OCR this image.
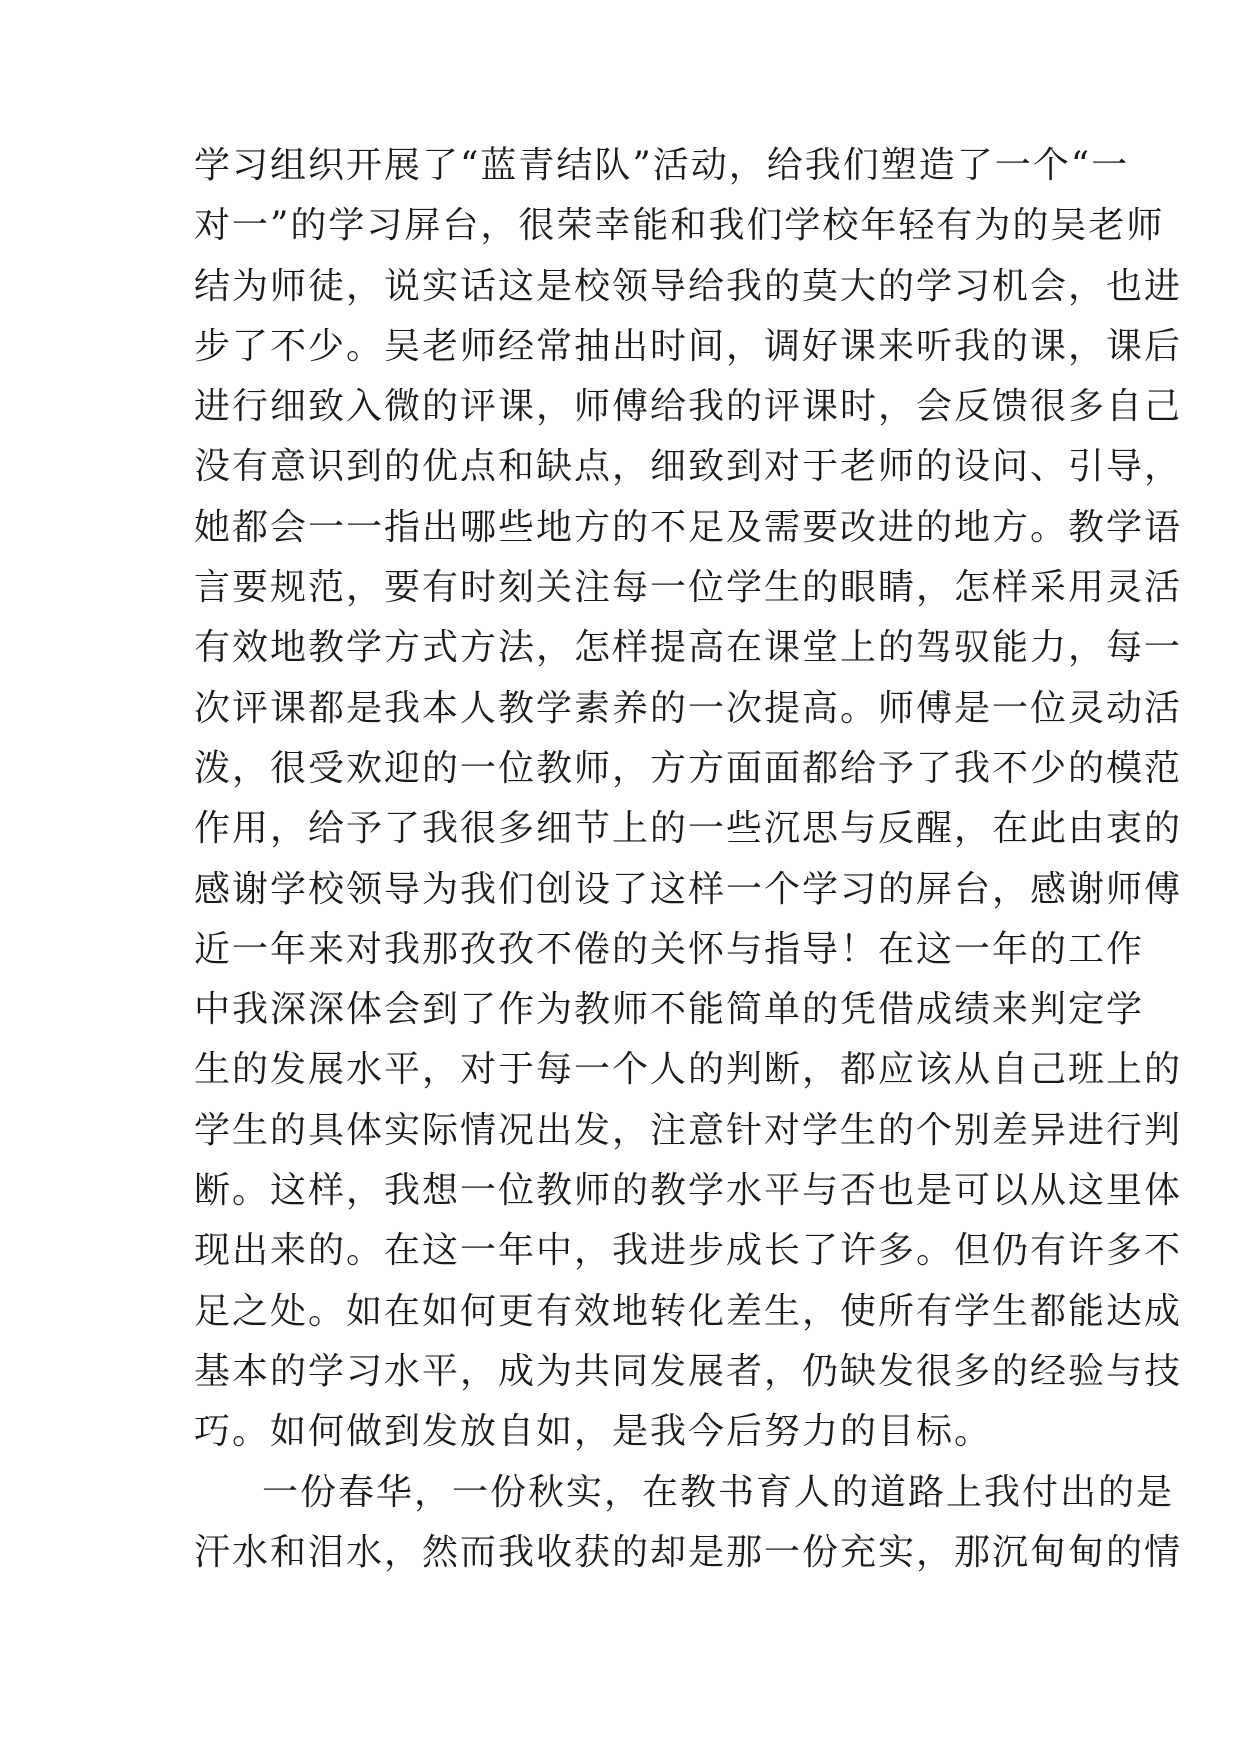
学习组织开展了“蓝青结队”活动，给我们塑造了一个“一
对一”的学习屏台，很荣幸能和我们学校年轻有为的吴老师
结为师徒，说实话这是校领导给我的莫大的学习机会，也进
步了不少。吴老师经常抽出时间，调好课来听我的课，课后
进行细致入微的评课，师傅给我的评课时，会反馈很多自己
没有意识到的优点和缺点，细致到对于老师的设问、引导，
她都会一一指出哪些地方的不足及需要改进的地方。教学语
言要规范，要有时刻关注每一位学生的眼睛，怎样采用灵活
有效地教学方式方法，怎样提高在课堂上的驾驭能力，每一
次评课都是我本人教学素养的一次提高。师傅是一位灵动活
泼，很受欢迎的一位教师，方方面面都给予了我不少的模范
作用，给予了我很多细节上的一些沉思与反醒，在此由衷的
感谢学校领导为我们创设了这样一个学习的屏台，感谢师傅
近一年来对我那孜孜不倦的关怀与指导！在这一年的工作
中我深深体会到了作为教师不能简单的凭借成绩来判定学
生的发展水平，对于每一个人的判断，都应该从自己班上的
学生的具体实际情况出发，注意针对学生的个别差异进行判
断。这样，我想一位教师的教学水平与否也是可以从这里体
现出来的。在这一年中，我进步成长了许多。但仍有许多不
足之处。如在如何更有效地转化差生，使所有学生都能达成
基本的学习水平，成为共同发展者，仍缺发很多的经验与技
巧。如何做到发放自如，是我今后努力的目标。
一份春华，一份秋实，在教书育人的道路上我付出的是
汗水和泪水，然而我收获的却是那一份充实，那沉甸甸的情
